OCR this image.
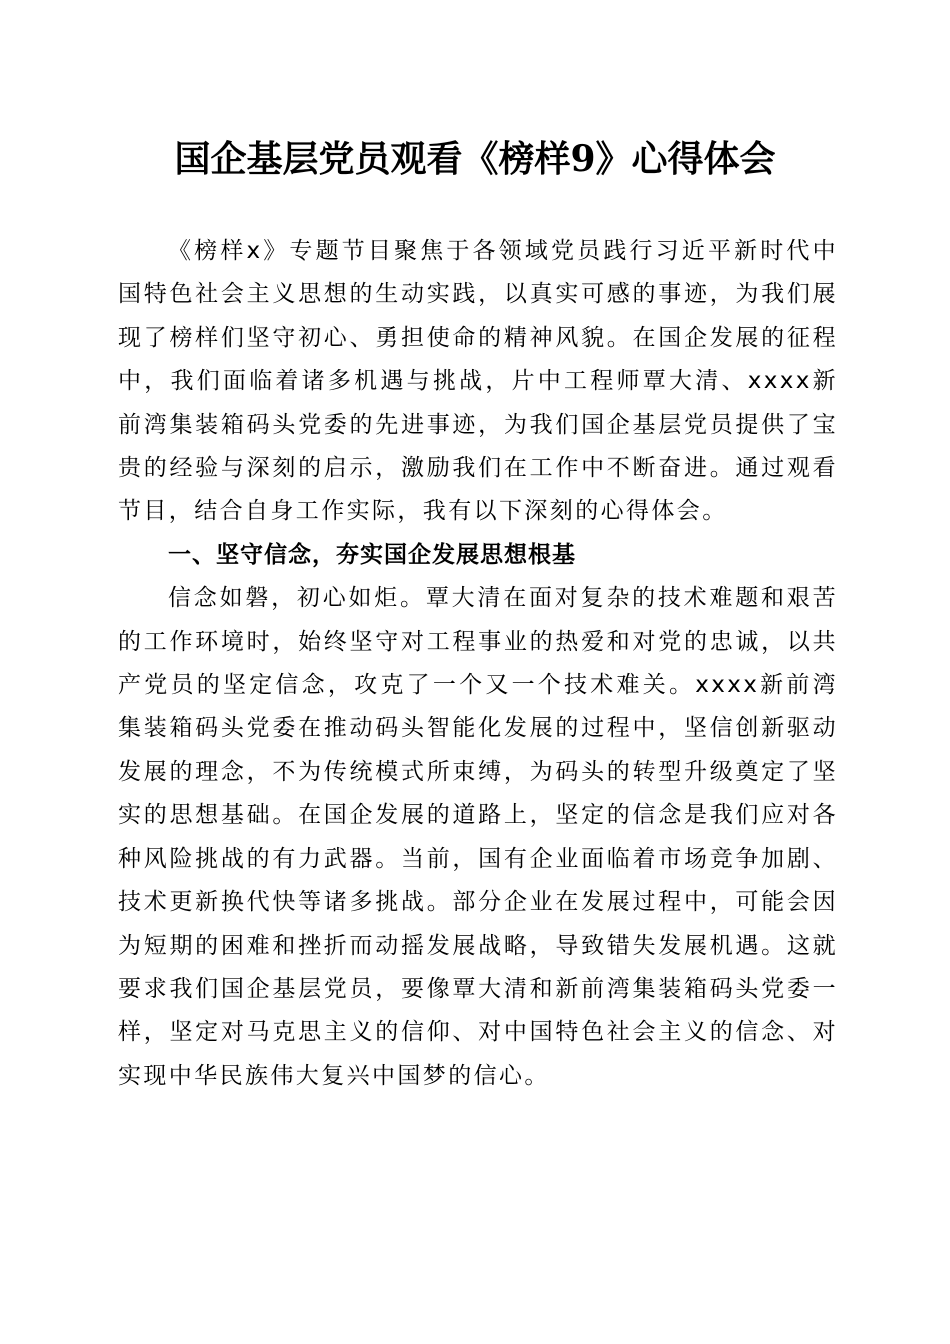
国企基层党员观看《榜样9》心得体会

《榜样x》专题节目聚焦于各领域党员践行习近平新时代中国特色社会主义思想的生动实践，以真实可感的事迹，为我们展现了榜样们坚守初心、勇担使命的精神风貌。在国企发展的征程中，我们面临着诸多机遇与挑战，片中工程师覃大清、xxxx新前湾集装箱码头党委的先进事迹，为我们国企基层党员提供了宝贵的经验与深刻的启示，激励我们在工作中不断奋进。通过观看节目，结合自身工作实际，我有以下深刻的心得体会。

一、坚守信念，夯实国企发展思想根基

信念如磐，初心如炬。覃大清在面对复杂的技术难题和艰苦的工作环境时，始终坚守对工程事业的热爱和对党的忠诚，以共产党员的坚定信念，攻克了一个又一个技术难关。xxxx新前湾集装箱码头党委在推动码头智能化发展的过程中，坚信创新驱动发展的理念，不为传统模式所束缚，为码头的转型升级奠定了坚实的思想基础。在国企发展的道路上，坚定的信念是我们应对各种风险挑战的有力武器。当前，国有企业面临着市场竞争加剧、技术更新换代快等诸多挑战。部分企业在发展过程中，可能会因为短期的困难和挫折而动摇发展战略，导致错失发展机遇。这就要求我们国企基层党员，要像覃大清和新前湾集装箱码头党委一样，坚定对马克思主义的信仰、对中国特色社会主义的信念、对实现中华民族伟大复兴中国梦的信心。
